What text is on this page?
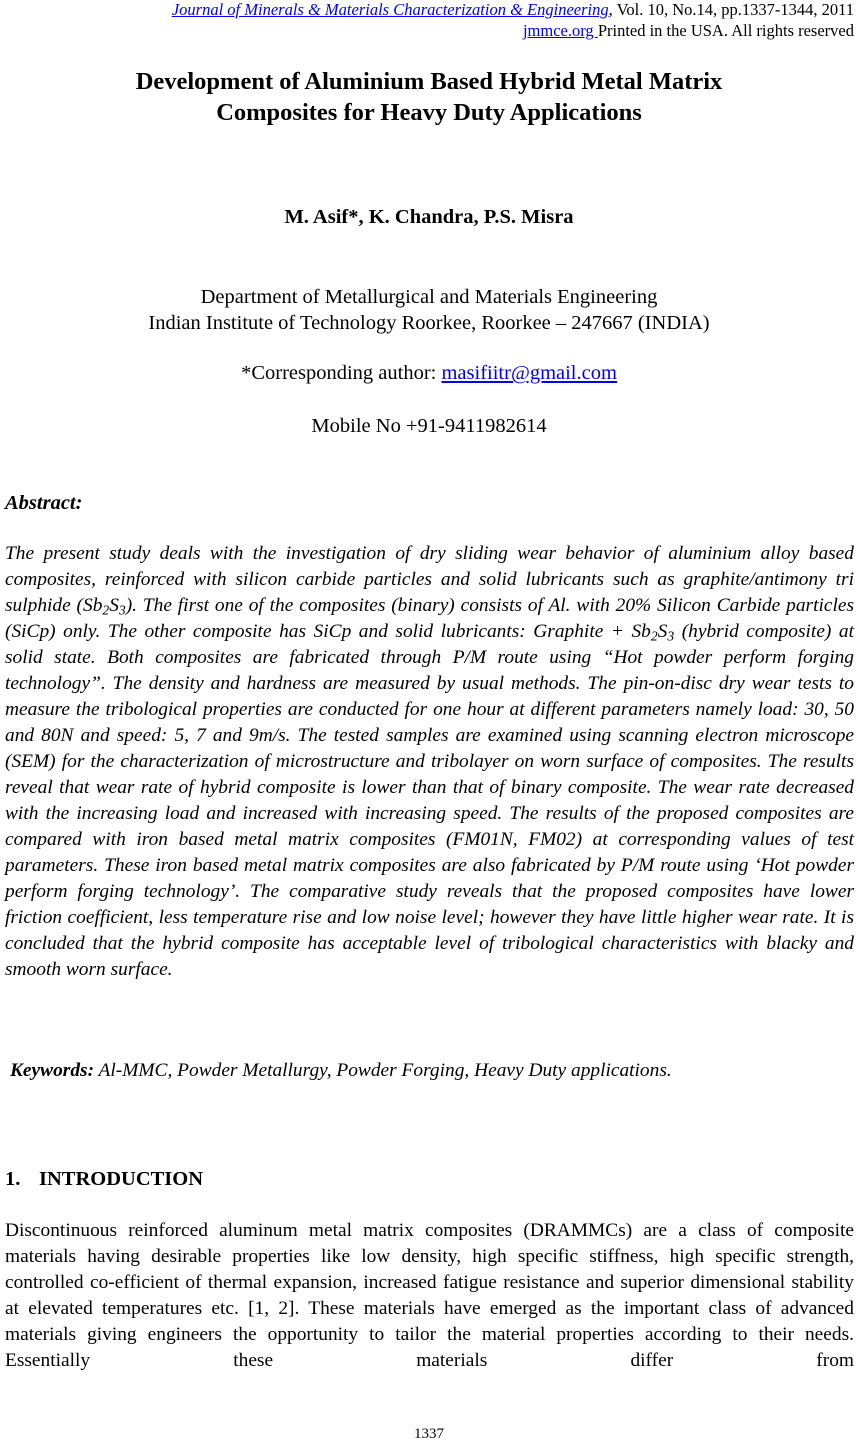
Journal of Minerals & Materials Characterization & Engineering, Vol. 10, No.14, pp.1337-1344, 2011
jmmce.org Printed in the USA. All rights reserved
Development of Aluminium Based Hybrid Metal Matrix
Composites for Heavy Duty Applications
M. Asif*, K. Chandra, P.S. Misra
Department of Metallurgical and Materials Engineering
Indian Institute of Technology Roorkee, Roorkee – 247667 (INDIA)
*Corresponding author: masifiitr@gmail.com
Mobile No +91-9411982614
Abstract:
The present study deals with the investigation of dry sliding wear behavior of aluminium alloy based composites, reinforced with silicon carbide particles and solid lubricants such as graphite/antimony tri sulphide $(Sb_2S_3)$. The first one of the composites (binary) consists of Al. with 20% Silicon Carbide particles (SiCp) only. The other composite has SiCp and solid lubricants: Graphite + $Sb_2S_3$ (hybrid composite) at solid state. Both composites are fabricated through P/M route using “Hot powder perform forging technology”. The density and hardness are measured by usual methods. The pin-on-disc dry wear tests to measure the tribological properties are conducted for one hour at different parameters namely load: 30, 50 and 80N and speed: 5, 7 and 9m/s. The tested samples are examined using scanning electron microscope (SEM) for the characterization of microstructure and tribolayer on worn surface of composites. The results reveal that wear rate of hybrid composite is lower than that of binary composite. The wear rate decreased with the increasing load and increased with increasing speed. The results of the proposed composites are compared with iron based metal matrix composites (FM01N, FM02) at corresponding values of test parameters. These iron based metal matrix composites are also fabricated by P/M route using ‘Hot powder perform forging technology’. The comparative study reveals that the proposed composites have lower friction coefficient, less temperature rise and low noise level; however they have little higher wear rate. It is concluded that the hybrid composite has acceptable level of tribological characteristics with blacky and smooth worn surface.
Keywords: Al-MMC, Powder Metallurgy, Powder Forging, Heavy Duty applications.
1. INTRODUCTION
Discontinuous reinforced aluminum metal matrix composites (DRAMMCs) are a class of composite materials having desirable properties like low density, high specific stiffness, high specific strength, controlled co-efficient of thermal expansion, increased fatigue resistance and superior dimensional stability at elevated temperatures etc. [1, 2]. These materials have emerged as the important class of advanced materials giving engineers the opportunity to tailor the material properties according to their needs. Essentially these materials differ from
1337
